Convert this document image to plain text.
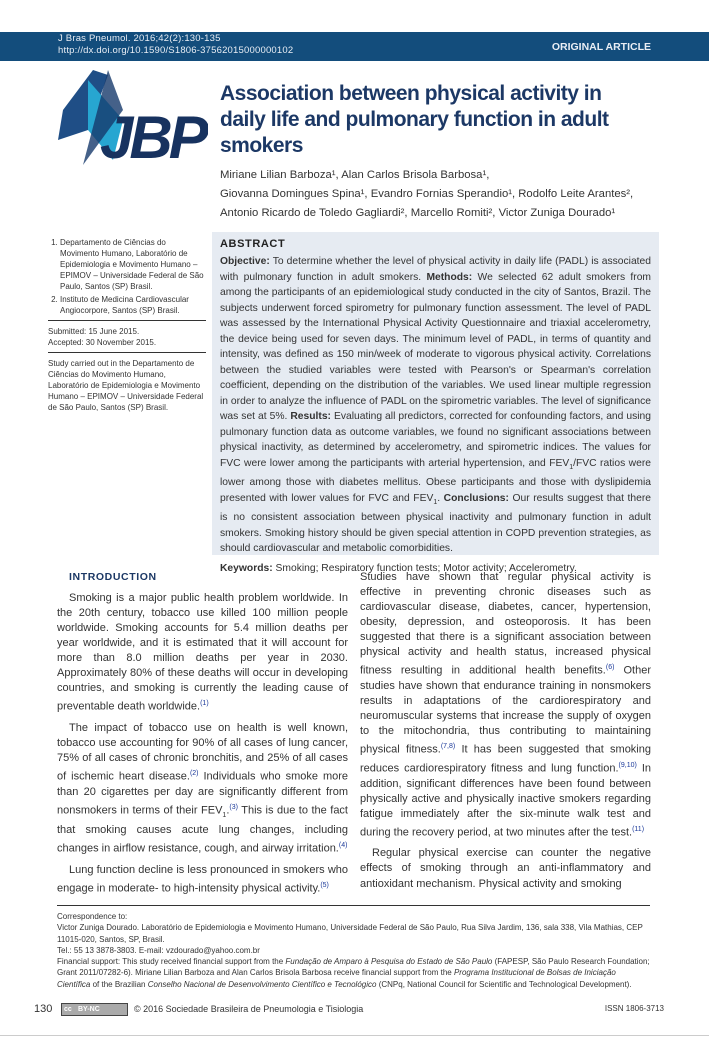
J Bras Pneumol. 2016;42(2):130-135
http://dx.doi.org/10.1590/S1806-37562015000000102	ORIGINAL ARTICLE
JBP
Association between physical activity in daily life and pulmonary function in adult smokers
Miriane Lilian Barboza¹, Alan Carlos Brisola Barbosa¹,
Giovanna Domingues Spina¹, Evandro Fornias Sperandio¹, Rodolfo Leite Arantes²,
Antonio Ricardo de Toledo Gagliardi², Marcello Romiti², Victor Zuniga Dourado¹
1. Departamento de Ciências do Movimento Humano, Laboratório de Epidemiologia e Movimento Humano – EPIMOV – Universidade Federal de São Paulo, Santos (SP) Brasil.
2. Instituto de Medicina Cardiovascular Angiocorpore, Santos (SP) Brasil.
Submitted: 15 June 2015.
Accepted: 30 November 2015.
Study carried out in the Departamento de Ciências do Movimento Humano, Laboratório de Epidemiologia e Movimento Humano – EPIMOV – Universidade Federal de São Paulo, Santos (SP) Brasil.
ABSTRACT

Objective: To determine whether the level of physical activity in daily life (PADL) is associated with pulmonary function in adult smokers. Methods: We selected 62 adult smokers from among the participants of an epidemiological study conducted in the city of Santos, Brazil. The subjects underwent forced spirometry for pulmonary function assessment. The level of PADL was assessed by the International Physical Activity Questionnaire and triaxial accelerometry, the device being used for seven days. The minimum level of PADL, in terms of quantity and intensity, was defined as 150 min/week of moderate to vigorous physical activity. Correlations between the studied variables were tested with Pearson's or Spearman's correlation coefficient, depending on the distribution of the variables. We used linear multiple regression in order to analyze the influence of PADL on the spirometric variables. The level of significance was set at 5%. Results: Evaluating all predictors, corrected for confounding factors, and using pulmonary function data as outcome variables, we found no significant associations between physical inactivity, as determined by accelerometry, and spirometric indices. The values for FVC were lower among the participants with arterial hypertension, and $FEV_1$/FVC ratios were lower among those with diabetes mellitus. Obese participants and those with dyslipidemia presented with lower values for FVC and $FEV_1$. Conclusions: Our results suggest that there is no consistent association between physical inactivity and pulmonary function in adult smokers. Smoking history should be given special attention in COPD prevention strategies, as should cardiovascular and metabolic comorbidities.

Keywords: Smoking; Respiratory function tests; Motor activity; Accelerometry.

INTRODUCTION

Smoking is a major public health problem worldwide. In the 20th century, tobacco use killed 100 million people worldwide. Smoking accounts for 5.4 million deaths per year worldwide, and it is estimated that it will account for more than 8.0 million deaths per year in 2030. Approximately 80% of these deaths will occur in developing countries, and smoking is currently the leading cause of preventable death worldwide.$^{(1)}$

The impact of tobacco use on health is well known, tobacco use accounting for 90% of all cases of lung cancer, 75% of all cases of chronic bronchitis, and 25% of all cases of ischemic heart disease.$^{(2)}$ Individuals who smoke more than 20 cigarettes per day are significantly different from nonsmokers in terms of their $FEV_1.^{(3)}$ This is due to the fact that smoking causes acute lung changes, including changes in airflow resistance, cough, and airway irritation.$^{(4)}$

Lung function decline is less pronounced in smokers who engage in moderate- to high-intensity physical activity.$^{(5)}$

Studies have shown that regular physical activity is effective in preventing chronic diseases such as cardiovascular disease, diabetes, cancer, hypertension, obesity, depression, and osteoporosis. It has been suggested that there is a significant association between physical activity and health status, increased physical fitness resulting in additional health benefits.$^{(6)}$ Other studies have shown that endurance training in nonsmokers results in adaptations of the cardiorespiratory and neuromuscular systems that increase the supply of oxygen to the mitochondria, thus contributing to maintaining physical fitness.$^{(7,8)}$ It has been suggested that smoking reduces cardiorespiratory fitness and lung function.$^{(9,10)}$ In addition, significant differences have been found between physically active and physically inactive smokers regarding fatigue immediately after the six-minute walk test and during the recovery period, at two minutes after the test.$^{(11)}$

Regular physical exercise can counter the negative effects of smoking through an anti-inflammatory and antioxidant mechanism. Physical activity and smoking

Correspondence to:
Victor Zuniga Dourado. Laboratório de Epidemiologia e Movimento Humano, Universidade Federal de São Paulo, Rua Silva Jardim, 136, sala 338, Vila Mathias, CEP 11015-020, Santos, SP, Brasil.
Tel.: 55 13 3878-3803. E-mail: vzdourado@yahoo.com.br
Financial support: This study received financial support from the Fundação de Amparo à Pesquisa do Estado de São Paulo (FAPESP, São Paulo Research Foundation; Grant 2011/07282-6). Miriane Lilian Barboza and Alan Carlos Brisola Barbosa receive financial support from the Programa Institucional de Bolsas de Iniciação Científica of the Brazilian Conselho Nacional de Desenvolvimento Científico e Tecnológico (CNPq, National Council for Scientific and Technological Development).
130	cc BY-NC	© 2016 Sociedade Brasileira de Pneumologia e Tisiologia	ISSN 1806-3713
